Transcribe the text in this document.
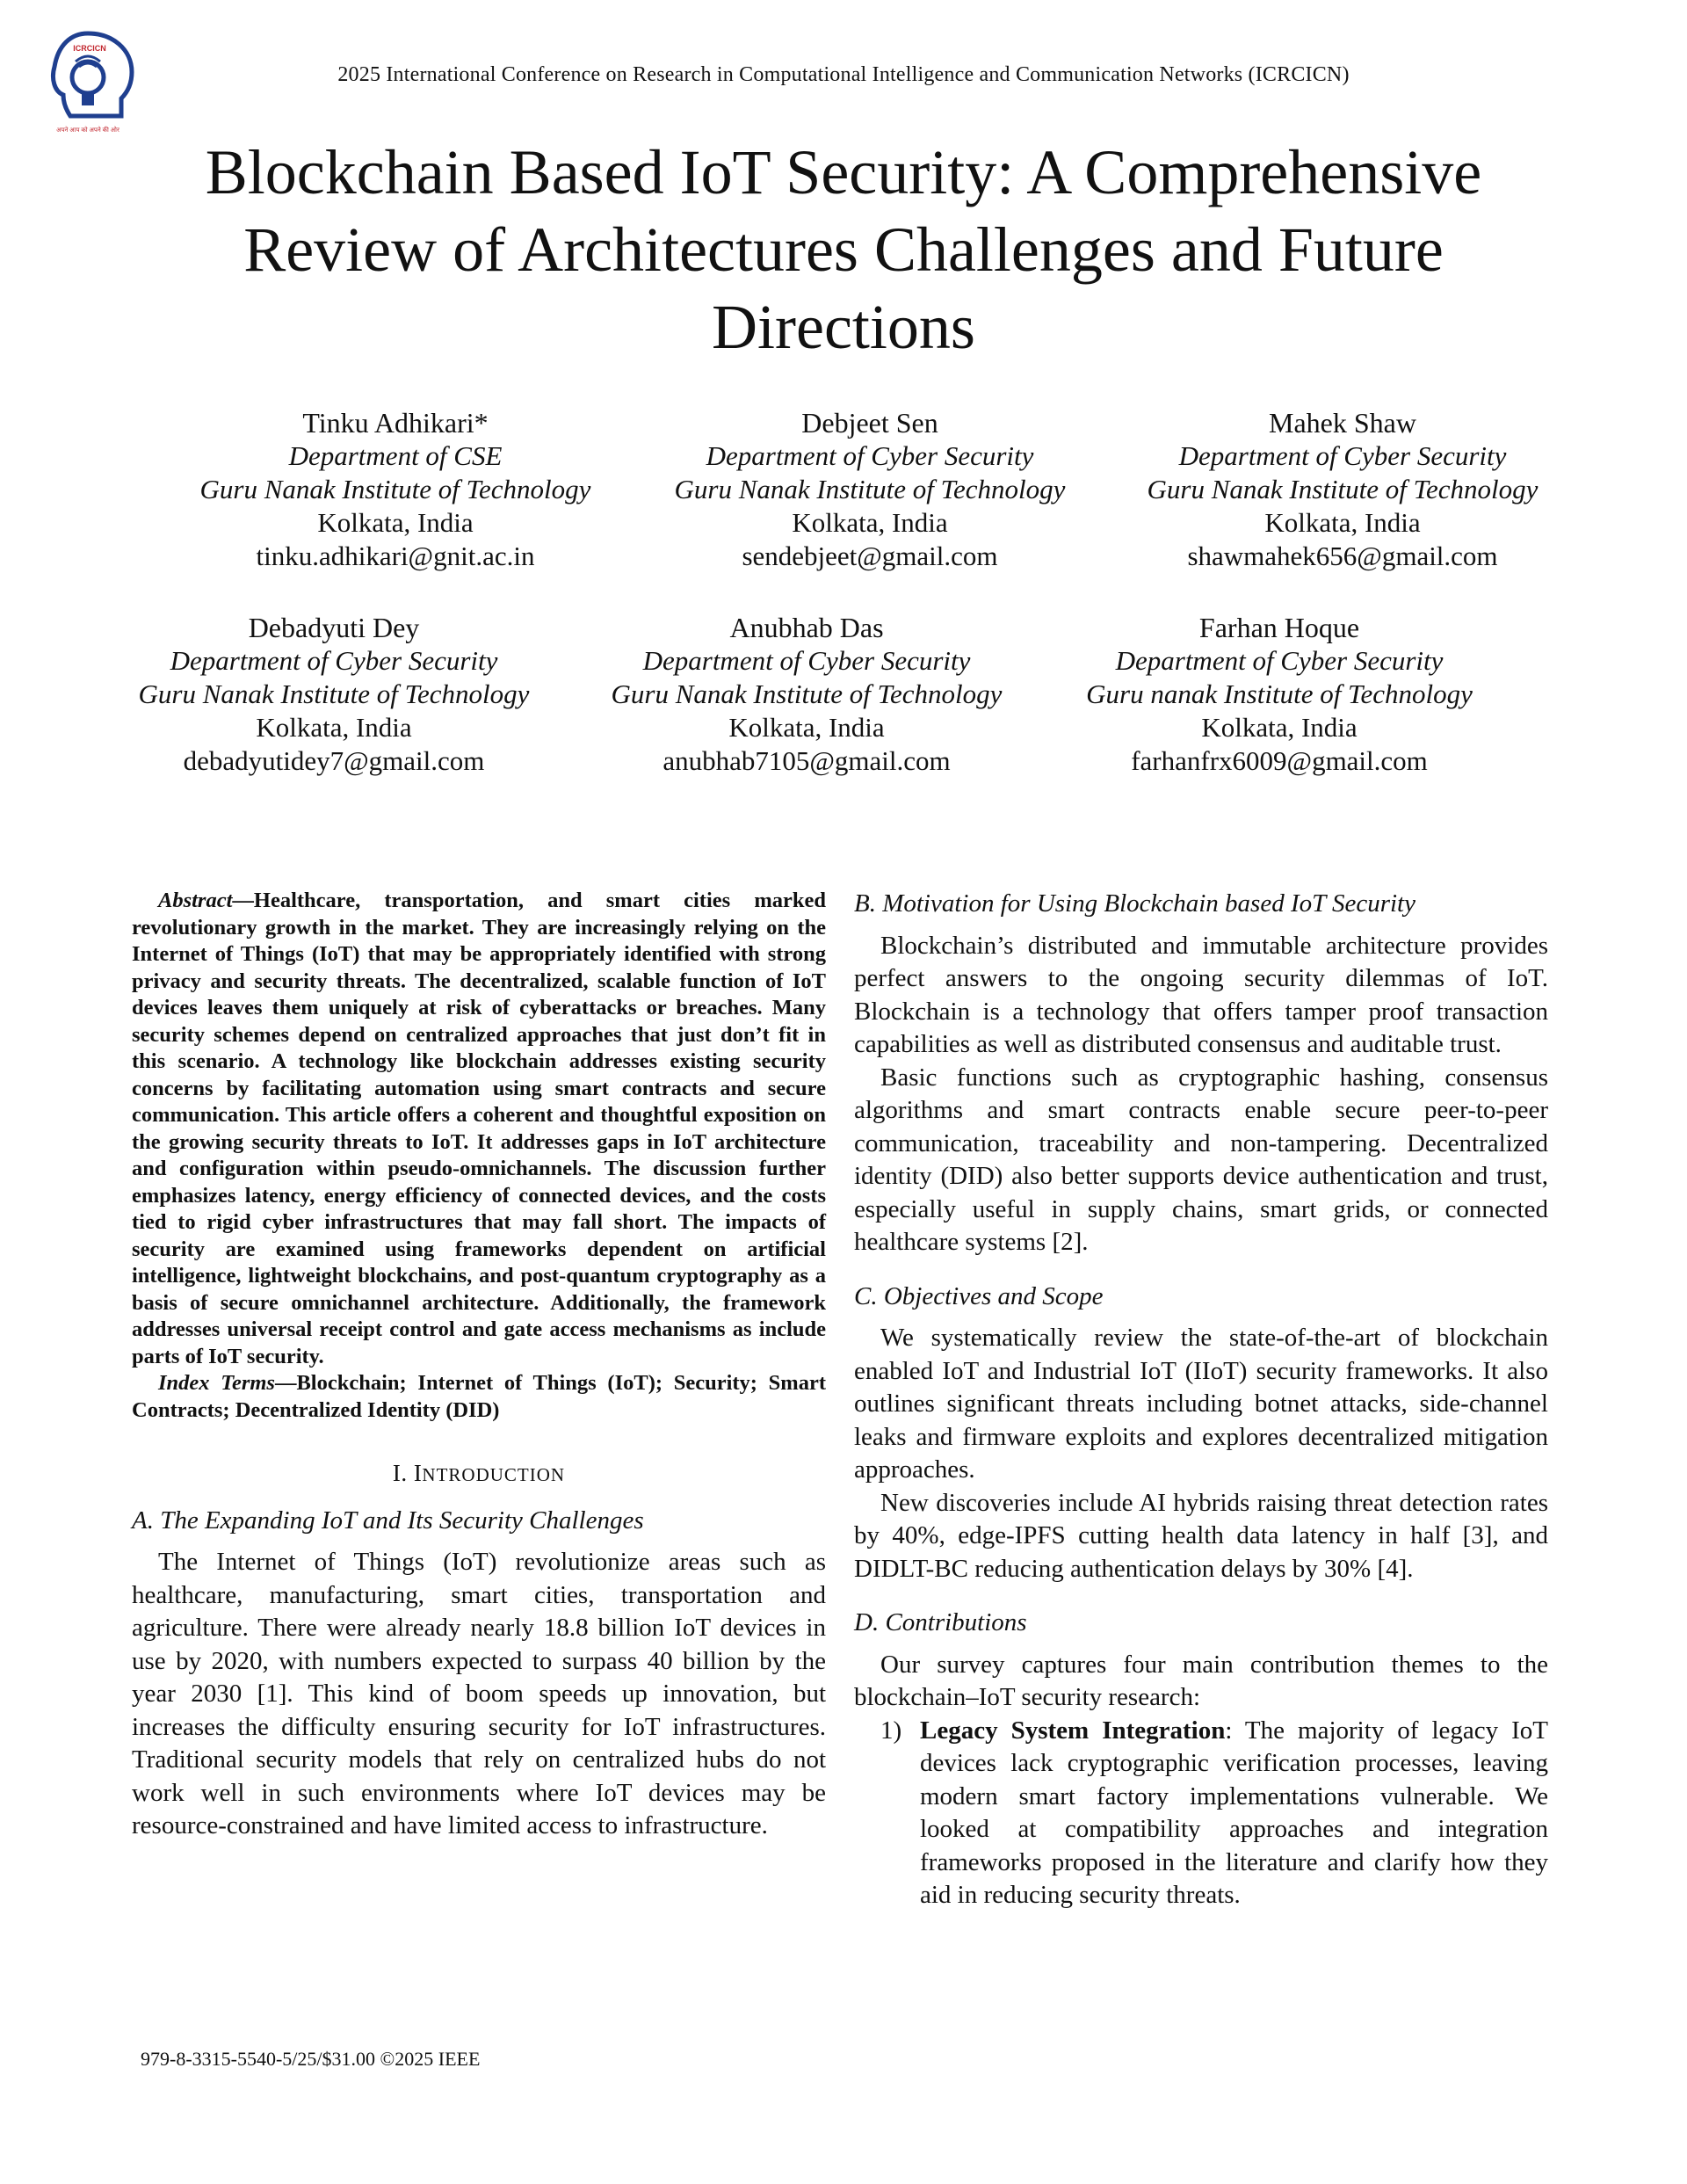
ICRCICN
अपने आप को अपने की ओर
2025 International Conference on Research in Computational Intelligence and Communication Networks (ICRCICN)
Blockchain Based IoT Security: A Comprehensive
Review of Architectures Challenges and Future
Directions
Tinku Adhikari*
Department of CSE
Guru Nanak Institute of Technology
Kolkata, India
tinku.adhikari@gnit.ac.in
Debjeet Sen
Department of Cyber Security
Guru Nanak Institute of Technology
Kolkata, India
sendebjeet@gmail.com
Mahek Shaw
Department of Cyber Security
Guru Nanak Institute of Technology
Kolkata, India
shawmahek656@gmail.com
Debadyuti Dey
Department of Cyber Security
Guru Nanak Institute of Technology
Kolkata, India
debadyutidey7@gmail.com
Anubhab Das
Department of Cyber Security
Guru Nanak Institute of Technology
Kolkata, India
anubhab7105@gmail.com
Farhan Hoque
Department of Cyber Security
Guru nanak Institute of Technology
Kolkata, India
farhanfrx6009@gmail.com

Abstract—Healthcare, transportation, and smart cities marked revolutionary growth in the market. They are increasingly relying on the Internet of Things (IoT) that may be appropriately identified with strong privacy and security threats. The decentralized, scalable function of IoT devices leaves them uniquely at risk of cyberattacks or breaches. Many security schemes depend on centralized approaches that just don’t fit in this scenario. A technology like blockchain addresses existing security concerns by facilitating automation using smart contracts and secure communication. This article offers a coherent and thoughtful exposition on the growing security threats to IoT. It addresses gaps in IoT architecture and configuration within pseudo-omnichannels. The discussion further emphasizes latency, energy efficiency of connected devices, and the costs tied to rigid cyber infrastructures that may fall short. The impacts of security are examined using frameworks dependent on artificial intelligence, lightweight blockchains, and post-quantum cryptography as a basis of secure omnichannel architecture. Additionally, the framework addresses universal receipt control and gate access mechanisms as include parts of IoT security.

Index Terms—Blockchain; Internet of Things (IoT); Security; Smart Contracts; Decentralized Identity (DID)

I. INTRODUCTION
A. The Expanding IoT and Its Security Challenges

The Internet of Things (IoT) revolutionize areas such as healthcare, manufacturing, smart cities, transportation and agriculture. There were already nearly 18.8 billion IoT devices in use by 2020, with numbers expected to surpass 40 billion by the year 2030 [1]. This kind of boom speeds up innovation, but increases the difficulty ensuring security for IoT infrastructures. Traditional security models that rely on centralized hubs do not work well in such environments where IoT devices may be resource-constrained and have limited access to infrastructure.

B. Motivation for Using Blockchain based IoT Security

Blockchain’s distributed and immutable architecture provides perfect answers to the ongoing security dilemmas of IoT. Blockchain is a technology that offers tamper proof transaction capabilities as well as distributed consensus and auditable trust.

Basic functions such as cryptographic hashing, consensus algorithms and smart contracts enable secure peer-to-peer communication, traceability and non-tampering. Decentralized identity (DID) also better supports device authentication and trust, especially useful in supply chains, smart grids, or connected healthcare systems [2].

C. Objectives and Scope

We systematically review the state-of-the-art of blockchain enabled IoT and Industrial IoT (IIoT) security frameworks. It also outlines significant threats including botnet attacks, side-channel leaks and firmware exploits and explores decentralized mitigation approaches.

New discoveries include AI hybrids raising threat detection rates by 40%, edge-IPFS cutting health data latency in half [3], and DIDLT-BC reducing authentication delays by 30% [4].

D. Contributions

Our survey captures four main contribution themes to the blockchain–IoT security research:

1) Legacy System Integration: The majority of legacy IoT devices lack cryptographic verification processes, leaving modern smart factory implementations vulnerable. We looked at compatibility approaches and integration frameworks proposed in the literature and clarify how they aid in reducing security threats.
979-8-3315-5540-5/25/$31.00 ©2025 IEEE
